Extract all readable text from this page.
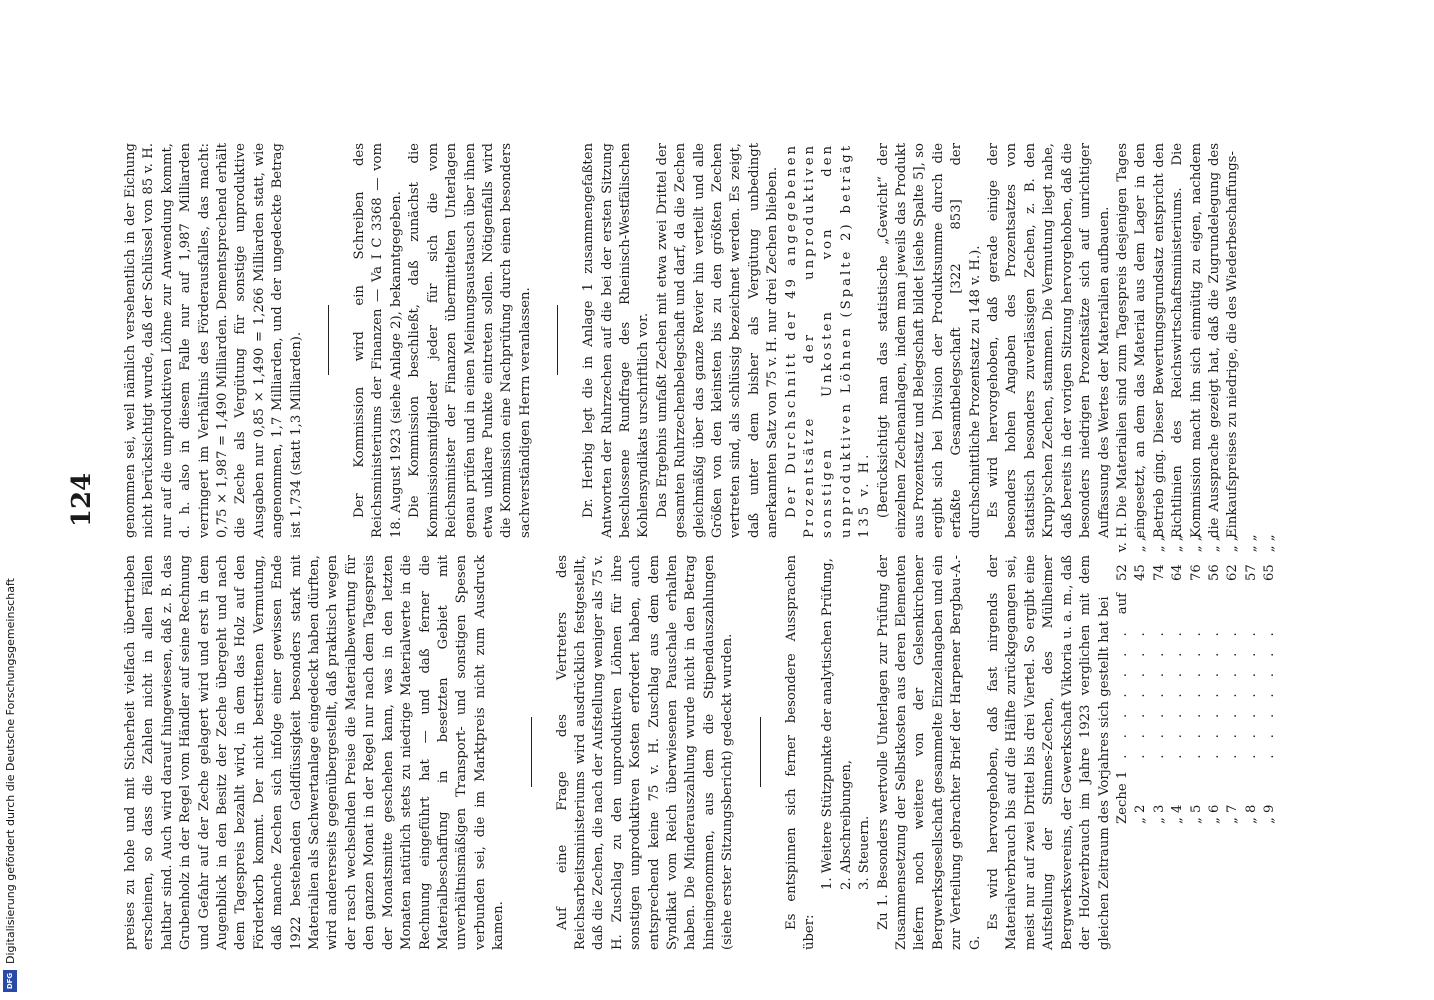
124

preises zu hohe und mit Sicherheit vielfach übertrieben erscheinen, so dass die Zahlen nicht in allen Fällen haltbar sind. Auch wird darauf hingewiesen, daß z. B. das Grubenholz in der Regel vom Händler auf seine Rechnung und Gefahr auf der Zeche gelagert wird und erst in dem Augenblick in den Besitz der Zeche übergeht und nach dem Tagespreis bezahlt wird, in dem das Holz auf den Förderkorb kommt. Der nicht bestrittenen Vermutung, daß manche Zechen sich infolge einer gewissen Ende 1922 bestehenden Geldflüssigkeit besonders stark mit Materialien als Sachwertanlage eingedeckt haben dürften, wird andererseits gegenübergestellt, daß praktisch wegen der rasch wechselnden Preise die Materialbewertung für den ganzen Monat in der Regel nur nach dem Tagespreis der Monatsmitte geschehen kann, was in den letzten Monaten natürlich stets zu niedrige Materialwerte in die Rechnung eingeführt hat — und daß ferner die Materialbeschaffung in besetzten Gebiet mit unverhältnismäßigen Transport- und sonstigen Spesen verbunden sei, die im Marktpreis nicht zum Ausdruck kamen.	Auf eine Frage des Vertreters des Reichsarbeitsministeriums wird ausdrücklich festgestellt, daß die Zechen, die nach der Aufstellung weniger als 75 v. H. Zuschlag zu den unproduktiven Löhnen für ihre sonstigen unproduktiven Kosten erfordert haben, auch entsprechend keine 75 v. H. Zuschlag aus dem dem Syndikat vom Reich überwiesenen Pauschale erhalten haben. Die Minderauszahlung wurde nicht in den Betrag hineingenommen, aus dem die Stipendauszahlungen (siehe erster Sitzungsbericht) gedeckt wurden.	Es entspinnen sich ferner besondere Aussprachen über:

1. Weitere Stützpunkte der analytischen Prüfung, 2. Abschreibungen, 3. Steuern. Zu 1. Besonders wertvolle Unterlagen zur Prüfung der Zusammensetzung der Selbstkosten aus deren Elementen liefern noch weitere von der Gelsenkirchener Bergwerksgesellschaft gesammelte Einzelangaben und ein zur Verteilung gebrachter Brief der Harpener Bergbau-A.-G.

Es wird hervorgehoben, daß fast nirgends der Materialverbrauch bis auf die Hälfte zurückgegangen sei, meist nur auf zwei Drittel bis drei Viertel. So ergibt eine Aufstellung der Stinnes-Zechen, des Mülheimer Bergwerksvereins, der Gewerkschaft Viktoria u. a. m., daß der Holzverbrauch im Jahre 1923 verglichen mit dem gleichen Zeitraum des Vorjahres sich gestellt hat bei Zeche 1	. . . . . . .	auf	52	v. H.
„ 2	. . . . . . .		45	„ „
„ 3	. . . . . . .		74	„ „
„ 4	. . . . . . .		64	„ „
„ 5	. . . . . . .		76	„ „
„ 6	. . . . . . .		56	„ „
„ 7	. . . . . . .		62	„ „
„ 8	. . . . . . .		57	„ „
„ 9	. . . . . . .		65	„ „

genommen sei, weil nämlich versehentlich in der Eichung nicht berücksichtigt wurde, daß der Schlüssel von 85 v. H. nur auf die unproduktiven Löhne zur Anwendung kommt, d. h. also in diesem Falle nur auf 1,987 Milliarden verringert im Verhältnis des Förderausfalles, das macht: 0,75 × 1,987 = 1,490 Milliarden. Dementsprechend erhält die Zeche als Vergütung für sonstige unproduktive Ausgaben nur 0,85 × 1,490 = 1,266 Milliarden statt, wie angenommen, 1,7 Milliarden, und der ungedeckte Betrag ist 1,734 (statt 1,3 Milliarden).	Der Kommission wird ein Schreiben des Reichsministeriums der Finanzen — Va I C 3368 — vom 18. August 1923 (siehe Anlage 2), bekanntgegeben. Die Kommission beschließt, daß zunächst die Kommissionsmitglieder jeder für sich die vom Reichsminister der Finanzen übermittelten Unterlagen genau prüfen und in einen Meinungsaustausch über ihnen etwa unklare Punkte eintreten sollen. Nötigenfalls wird die Kommission eine Nachprüfung durch einen besonders sachverständigen Herrn veranlassen.	Dr. Herbig legt die in Anlage 1 zusammengefaßten Antworten der Ruhrzechen auf die bei der ersten Sitzung beschlossene Rundfrage des Rheinisch-Westfälischen Kohlensyndikats urschriftlich vor. Das Ergebnis umfaßt Zechen mit etwa zwei Drittel der gesamten Ruhrzechenbelegschaft und darf, da die Zechen gleichmäßig über das ganze Revier hin verteilt und alle Größen von den kleinsten bis zu den größten Zechen vertreten sind, als schlüssig bezeichnet werden. Es zeigt, daß unter dem bisher als Vergütung unbedingt anerkannten Satz von 75 v. H. nur drei Zechen blieben. Der Durchschnitt der 49 angegebenen Prozentsätze der unproduktiven sonstigen Unkosten von den unproduktiven Löhnen (Spalte 2) beträgt 135 v. H. (Berücksichtigt man das statistische „Gewicht“ der einzelnen Zechenanlagen, indem man jeweils das Produkt aus Prozentsatz und Belegschaft bildet [siehe Spalte 5], so ergibt sich bei Division der Produktsumme durch die erfaßte Gesamtbelegschaft [322 853] der durchschnittliche Prozentsatz zu 148 v. H.). Es wird hervorgehoben, daß gerade einige der besonders hohen Angaben des Prozentsatzes von statistisch besonders zuverlässigen Zechen, z. B. den Krupp'schen Zechen, stammen. Die Vermutung liegt nahe, daß bereits in der vorigen Sitzung hervorgehoben, daß die besonders niedrigen Prozentsätze sich auf unrichtiger Auffassung des Wertes der Materialien aufbauen. Die Materialien sind zum Tagespreis desjenigen Tages eingesetzt, an dem das Material aus dem Lager in den Betrieb ging. Dieser Bewertungsgrundsatz entspricht den Richtlinien des Reichswirtschaftsministeriums. Die Kommission macht ihn sich einmütig zu eigen, nachdem die Aussprache gezeigt hat, daß die Zugrundelegung des Einkaufspreises zu niedrige, die des Wiederbeschaffungs-

DFG
Digitalisierung gefördert durch die Deutsche Forschungsgemeinschaft
